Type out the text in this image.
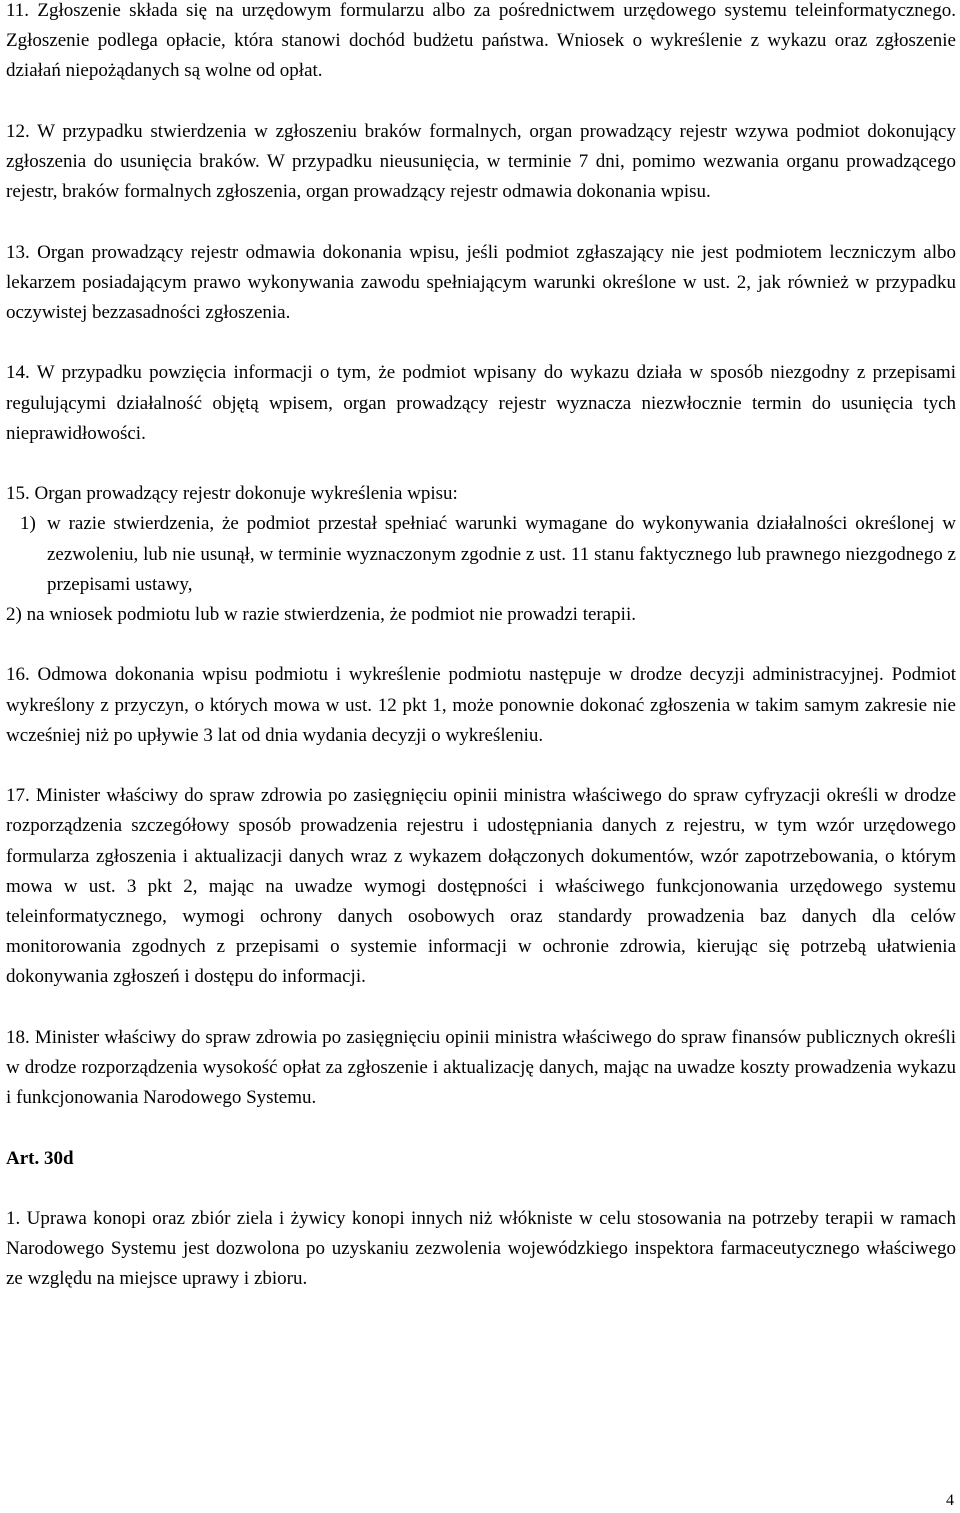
11. Zgłoszenie składa się na urzędowym formularzu albo za pośrednictwem urzędowego systemu teleinformatycznego. Zgłoszenie podlega opłacie, która stanowi dochód budżetu państwa. Wniosek o wykreślenie z wykazu oraz zgłoszenie działań niepożądanych są wolne od opłat.

12. W przypadku stwierdzenia w zgłoszeniu braków formalnych, organ prowadzący rejestr wzywa podmiot dokonujący zgłoszenia do usunięcia braków. W przypadku nieusunięcia, w terminie 7 dni, pomimo wezwania organu prowadzącego rejestr, braków formalnych zgłoszenia, organ prowadzący rejestr odmawia dokonania wpisu.

13. Organ prowadzący rejestr odmawia dokonania wpisu, jeśli podmiot zgłaszający nie jest podmiotem leczniczym albo lekarzem posiadającym prawo wykonywania zawodu spełniającym warunki określone w ust. 2, jak również w przypadku oczywistej bezzasadności zgłoszenia.

14. W przypadku powzięcia informacji o tym, że podmiot wpisany do wykazu działa w sposób niezgodny z przepisami regulującymi działalność objętą wpisem, organ prowadzący rejestr wyznacza niezwłocznie termin do usunięcia tych nieprawidłowości.

15. Organ prowadzący rejestr dokonuje wykreślenia wpisu:
1) w razie stwierdzenia, że podmiot przestał spełniać warunki wymagane do wykonywania działalności określonej w zezwoleniu, lub nie usunął, w terminie wyznaczonym zgodnie z ust. 11 stanu faktycznego lub prawnego niezgodnego z przepisami ustawy,
2) na wniosek podmiotu lub w razie stwierdzenia, że podmiot nie prowadzi terapii.

16. Odmowa dokonania wpisu podmiotu i wykreślenie podmiotu następuje w drodze decyzji administracyjnej. Podmiot wykreślony z przyczyn, o których mowa w ust. 12 pkt 1, może ponownie dokonać zgłoszenia w takim samym zakresie nie wcześniej niż po upływie 3 lat od dnia wydania decyzji o wykreśleniu.

17. Minister właściwy do spraw zdrowia po zasięgnięciu opinii ministra właściwego do spraw cyfryzacji określi w drodze rozporządzenia szczegółowy sposób prowadzenia rejestru i udostępniania danych z rejestru, w tym wzór urzędowego formularza zgłoszenia i aktualizacji danych wraz z wykazem dołączonych dokumentów, wzór zapotrzebowania, o którym mowa w ust. 3 pkt 2, mając na uwadze wymogi dostępności i właściwego funkcjonowania urzędowego systemu teleinformatycznego, wymogi ochrony danych osobowych oraz standardy prowadzenia baz danych dla celów monitorowania zgodnych z przepisami o systemie informacji w ochronie zdrowia, kierując się potrzebą ułatwienia dokonywania zgłoszeń i dostępu do informacji.

18. Minister właściwy do spraw zdrowia po zasięgnięciu opinii ministra właściwego do spraw finansów publicznych określi w drodze rozporządzenia wysokość opłat za zgłoszenie i aktualizację danych, mając na uwadze koszty prowadzenia wykazu i funkcjonowania Narodowego Systemu.

Art. 30d

1. Uprawa konopi oraz zbiór ziela i żywicy konopi innych niż włókniste w celu stosowania na potrzeby terapii w ramach Narodowego Systemu jest dozwolona po uzyskaniu zezwolenia wojewódzkiego inspektora farmaceutycznego właściwego ze względu na miejsce uprawy i zbioru.

4
